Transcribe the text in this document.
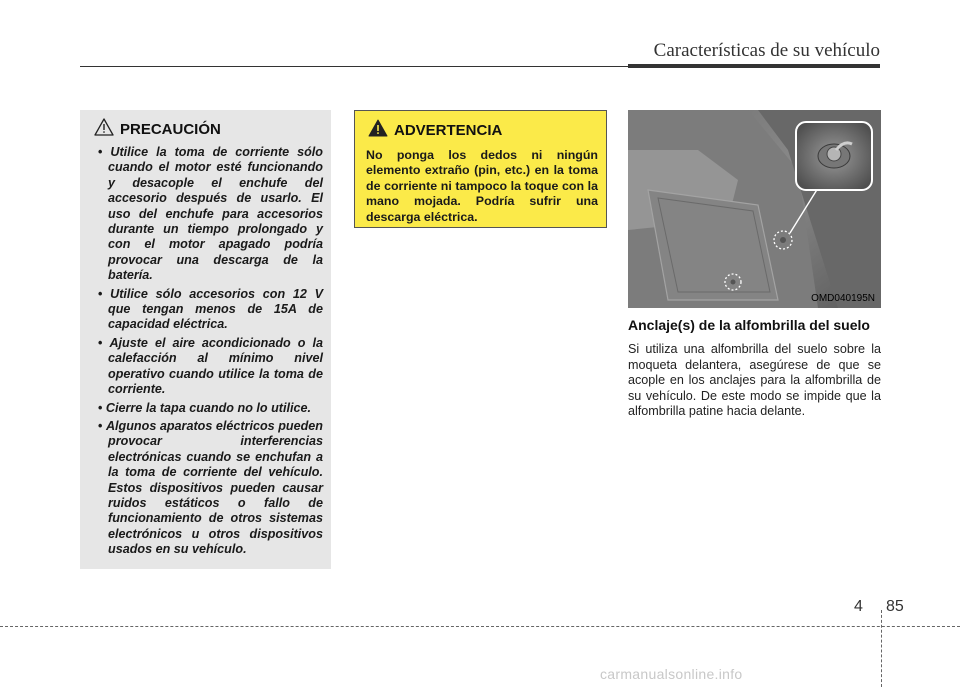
Características de su vehículo
PRECAUCIÓN
• Utilice la toma de corriente sólo cuando el motor esté funcionando y desacople el enchufe del accesorio después de usarlo. El uso del enchufe para accesorios durante un tiempo prolongado y con el motor apagado podría provocar una descarga de la batería.
• Utilice sólo accesorios con 12 V que tengan menos de 15A de capacidad eléctrica.
• Ajuste el aire acondicionado o la calefacción al mínimo nivel operativo cuando utilice la toma de corriente.
• Cierre la tapa cuando no lo utilice.
• Algunos aparatos eléctricos pueden provocar interferencias electrónicas cuando se enchufan a la toma de corriente del vehículo. Estos dispositivos pueden causar ruidos estáticos o fallo de funcionamiento de otros sistemas electrónicos u otros dispositivos usados en su vehículo.
ADVERTENCIA

No ponga los dedos ni ningún elemento extraño (pin, etc.) en la toma de corriente ni tampoco la toque con la mano mojada. Podría sufrir una descarga eléctrica.

OMD040195N
Anclaje(s) de la alfombrilla del suelo

Si utiliza una alfombrilla del suelo sobre la moqueta delantera, asegúrese de que se acople en los anclajes para la alfombrilla de su vehículo. De este modo se impide que la alfombrilla patine hacia delante.

4 85
carmanualsonline.info
